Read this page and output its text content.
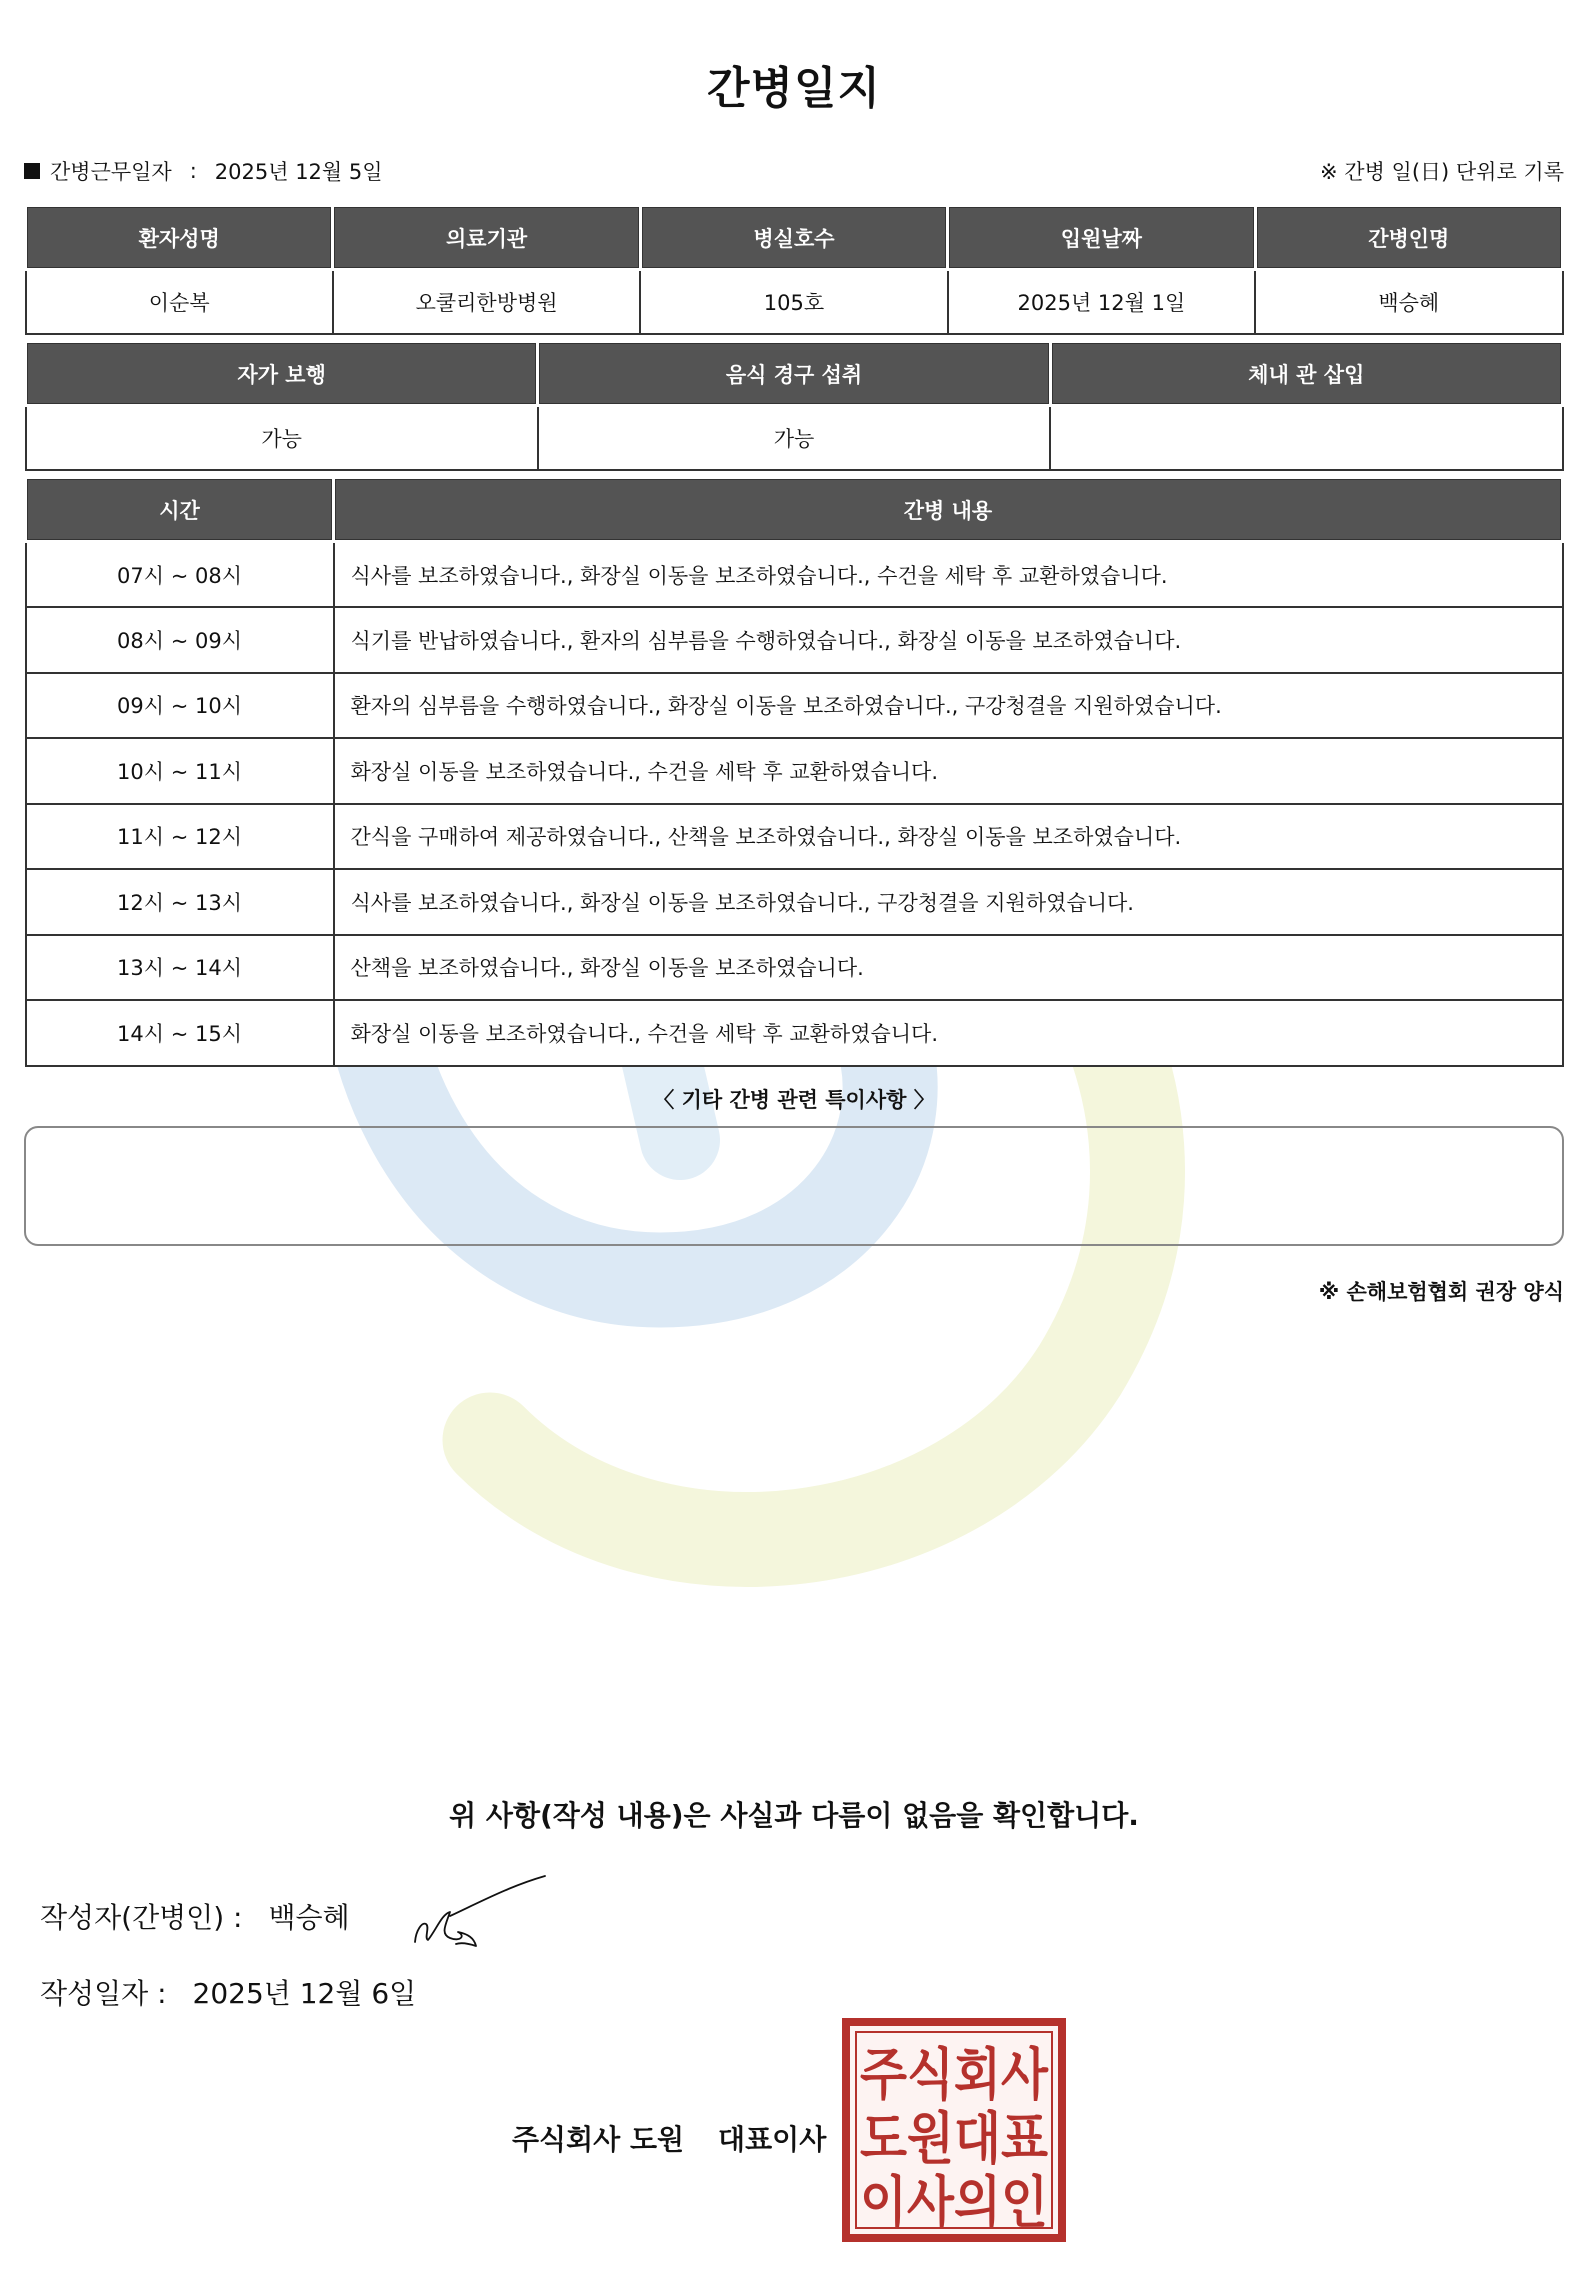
간병일지
간병근무일자 : 2025년 12월 5일	※ 간병 일(日) 단위로 기록
환자성명	의료기관	병실호수	입원날짜	간병인명
이순복	오쿨리한방병원	105호	2025년 12월 1일	백승혜
자가 보행	음식 경구 섭취	체내 관 삽입
가능	가능	
시간	간병 내용
07시 ~ 08시	식사를 보조하였습니다., 화장실 이동을 보조하였습니다., 수건을 세탁 후 교환하였습니다.
08시 ~ 09시	식기를 반납하였습니다., 환자의 심부름을 수행하였습니다., 화장실 이동을 보조하였습니다.
09시 ~ 10시	환자의 심부름을 수행하였습니다., 화장실 이동을 보조하였습니다., 구강청결을 지원하였습니다.
10시 ~ 11시	화장실 이동을 보조하였습니다., 수건을 세탁 후 교환하였습니다.
11시 ~ 12시	간식을 구매하여 제공하였습니다., 산책을 보조하였습니다., 화장실 이동을 보조하였습니다.
12시 ~ 13시	식사를 보조하였습니다., 화장실 이동을 보조하였습니다., 구강청결을 지원하였습니다.
13시 ~ 14시	산책을 보조하였습니다., 화장실 이동을 보조하였습니다.
14시 ~ 15시	화장실 이동을 보조하였습니다., 수건을 세탁 후 교환하였습니다.
〈 기타 간병 관련 특이사항 〉
※ 손해보험협회 권장 양식
위 사항(작성 내용)은 사실과 다름이 없음을 확인합니다.
작성자(간병인) : 백승혜
작성일자 : 2025년 12월 6일
주식회사 도원 대표이사
주식회사
도원대표
이사의인
